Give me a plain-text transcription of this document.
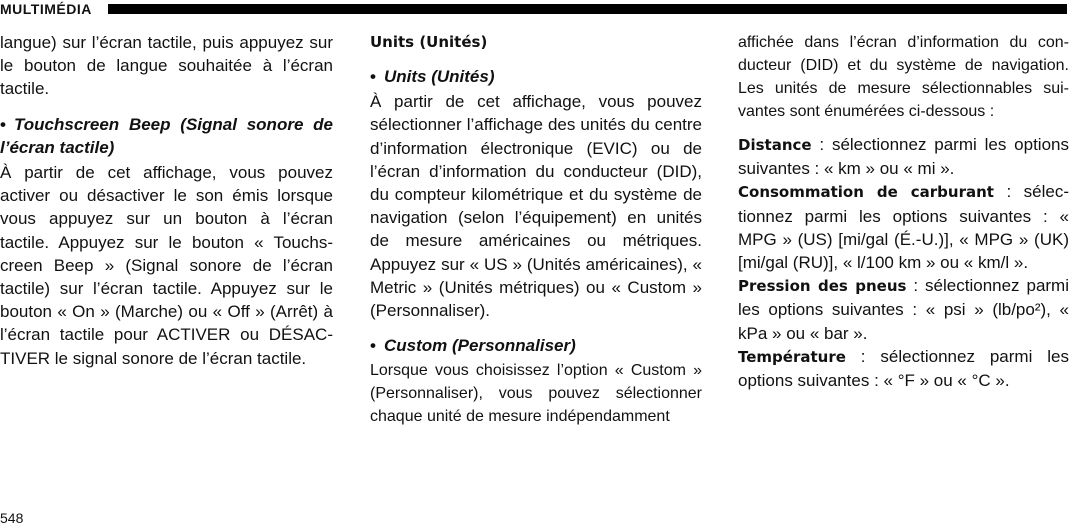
MULTIMÉDIA

langue) sur l’écran tactile, puis appuyez sur le bouton de langue souhaitée à l’écran tactile.

• Touchscreen Beep (Signal sonore de l’écran tactile)

À partir de cet affichage, vous pouvez activer ou désactiver le son émis lorsque vous appuyez sur un bouton à l’écran tactile. Appuyez sur le bouton « Touchscreen Beep » (Signal sonore de l’écran tactile) sur l’écran tactile. Appuyez sur le bouton « On » (Marche) ou « Off » (Arrêt) à l’écran tactile pour ACTIVER ou DÉSACTIVER le signal sonore de l’écran tactile.

Units (Unités)

• Units (Unités)

À partir de cet affichage, vous pouvez sélectionner l’affichage des unités du centre d’information électronique (EVIC) ou de l’écran d’information du conducteur (DID), du compteur kilométrique et du système de navigation (selon l’équipement) en unités de mesure américaines ou métriques. Appuyez sur « US » (Unités américaines), « Metric » (Unités métriques) ou « Custom » (Personnaliser).

• Custom (Personnaliser)

Lorsque vous choisissez l’option « Custom » (Personnaliser), vous pouvez sélectionner chaque unité de mesure indépendamment

affichée dans l’écran d’information du conducteur (DID) et du système de navigation. Les unités de mesure sélectionnables suivantes sont énumérées ci-dessous :

Distance : sélectionnez parmi les options suivantes : « km » ou « mi ».

Consommation de carburant : sélectionnez parmi les options suivantes : « MPG » (US) [mi/gal (É.-U.)], « MPG » (UK) [mi/gal (RU)], « l/100 km » ou « km/l ».

Pression des pneus : sélectionnez parmi les options suivantes : « psi » (lb/po²), « kPa » ou « bar ».

Température : sélectionnez parmi les options suivantes : « °F » ou « °C ».

548
